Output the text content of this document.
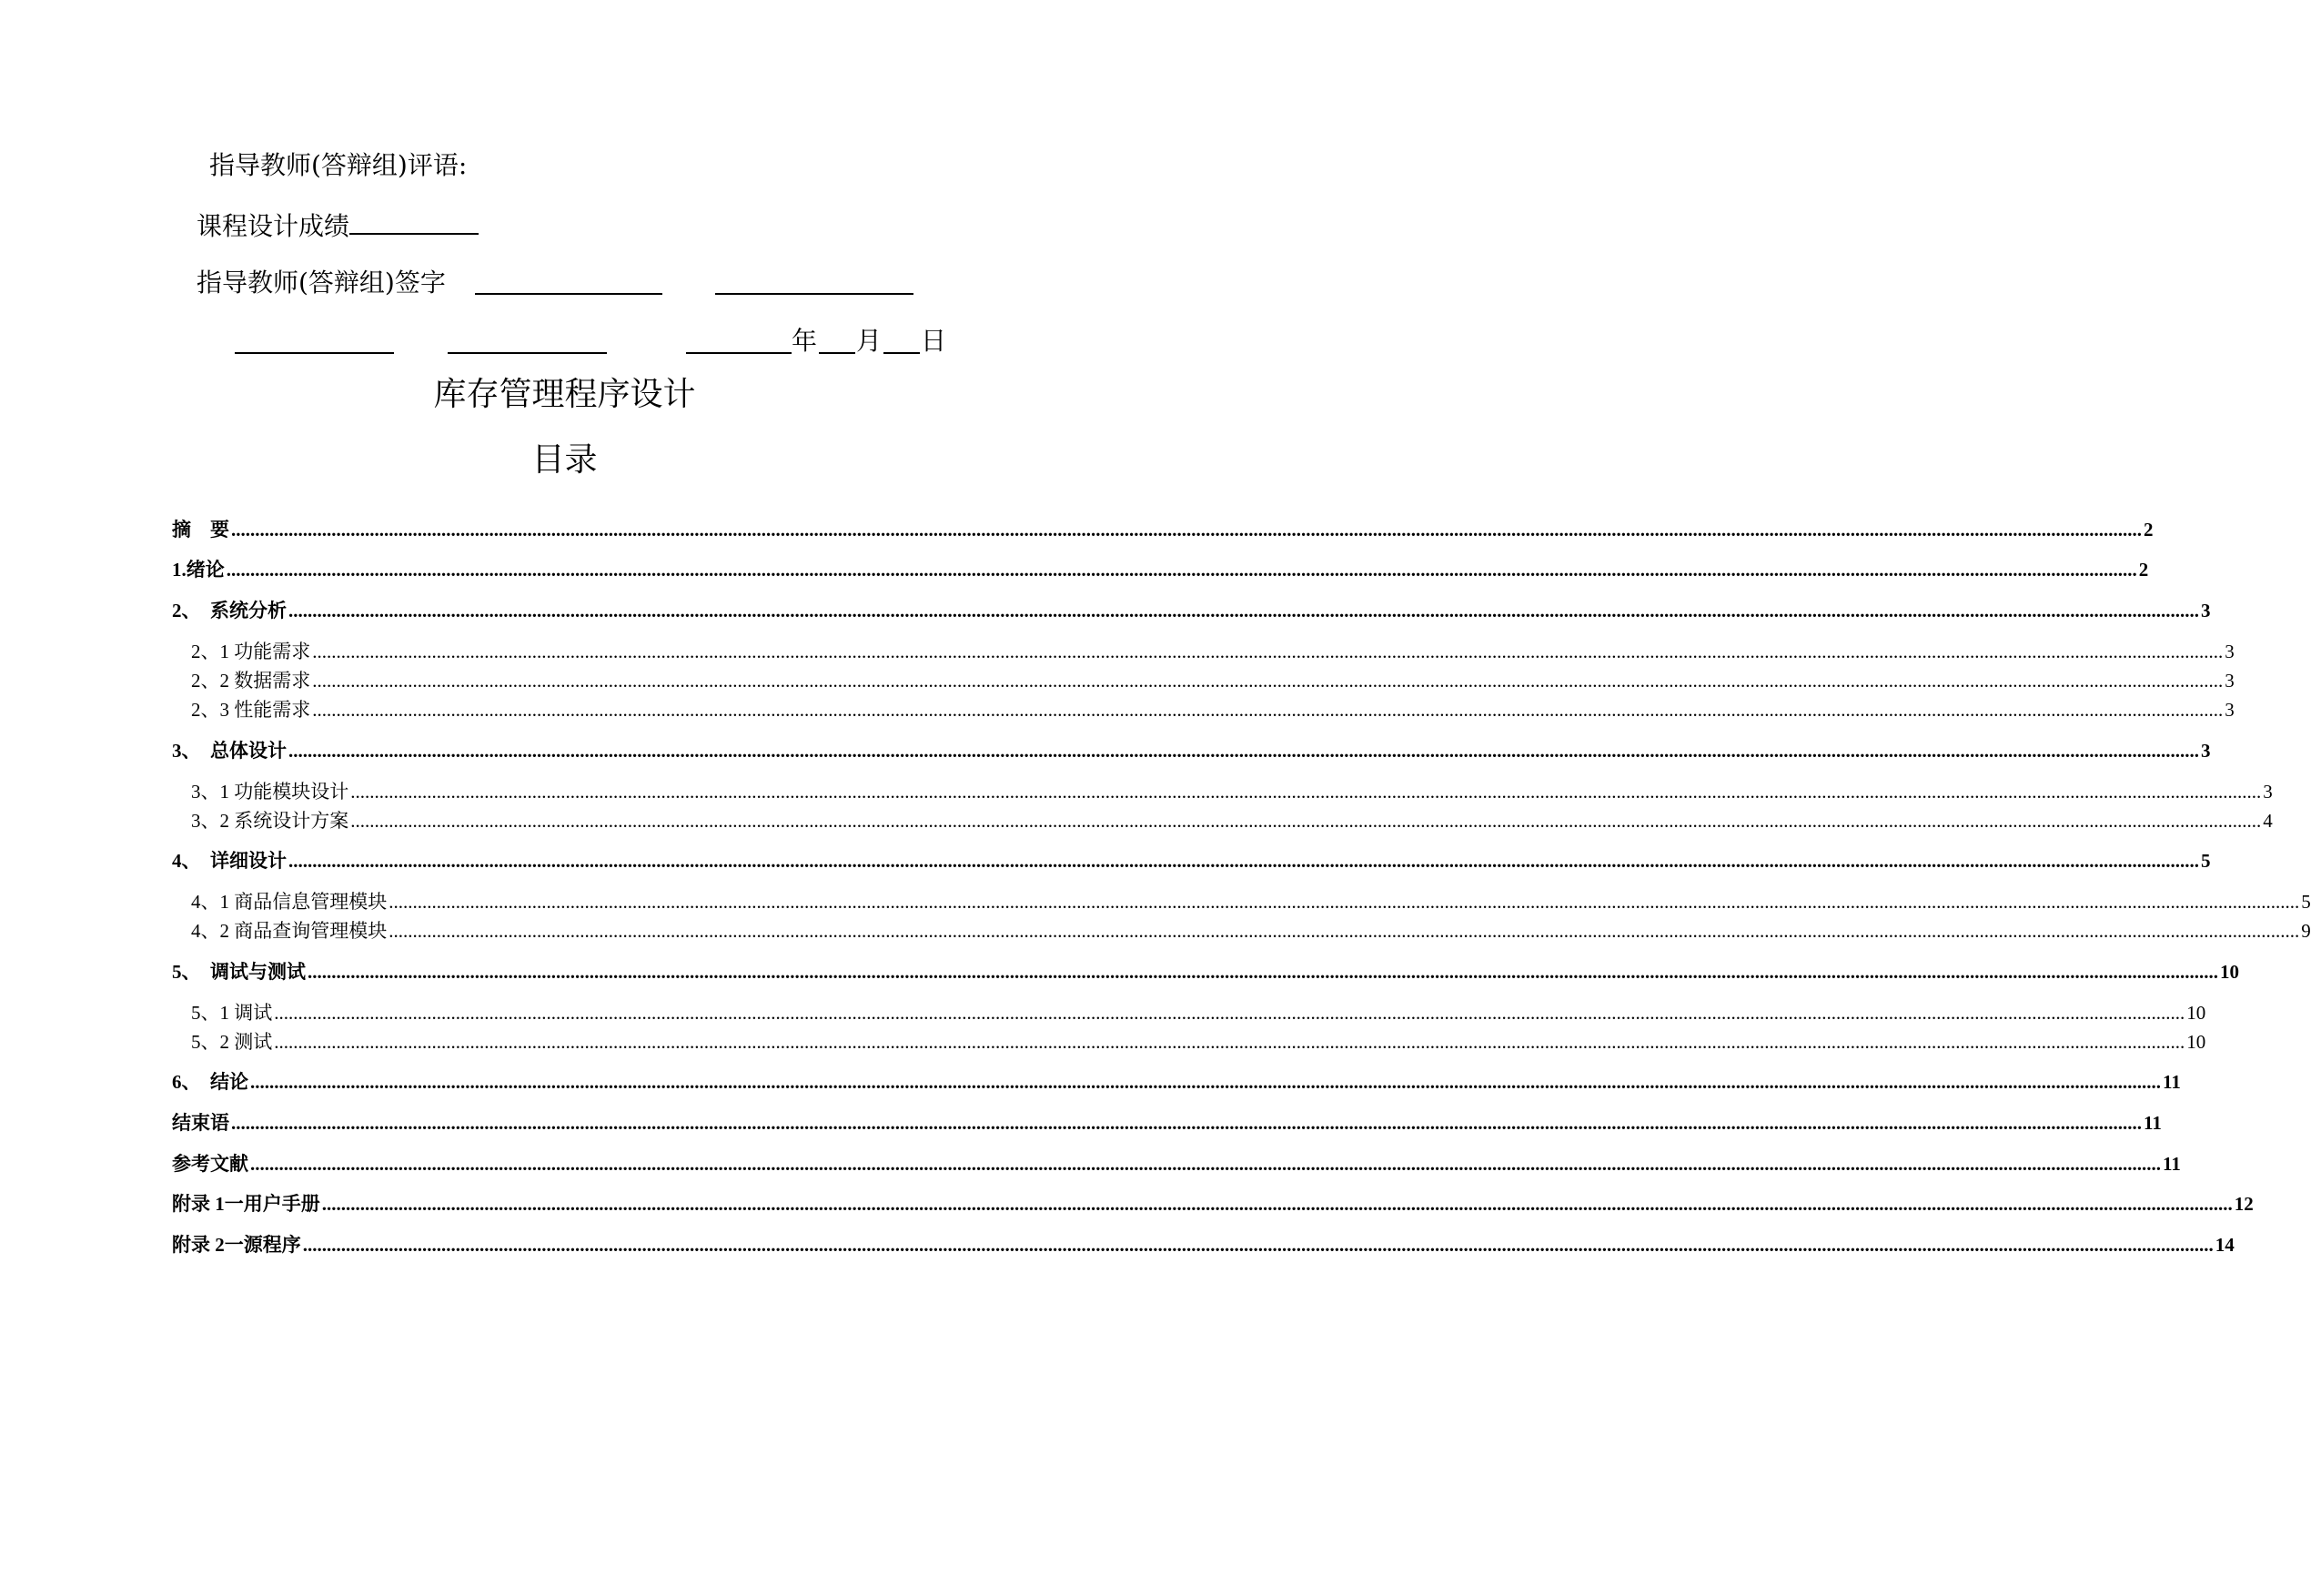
指导教师(答辩组)评语:
课程设计成绩
指导教师(答辩组)签字
年 月 日
库存管理程序设计
目录
摘　要 ................................................................................................................................................................................................................................................................................................................................................................................................................ 2
1.绪论 ................................................................................................................................................................................................................................................................................................................................................................................................................ 2
2、　系统分析 ................................................................................................................................................................................................................................................................................................................................................................................................................ 3
2、1 功能需求 ................................................................................................................................................................................................................................................................................................................................................................................................................ 3
2、2 数据需求 ................................................................................................................................................................................................................................................................................................................................................................................................................ 3
2、3 性能需求 ................................................................................................................................................................................................................................................................................................................................................................................................................ 3
3、　总体设计 ................................................................................................................................................................................................................................................................................................................................................................................................................ 3
3、1 功能模块设计 ................................................................................................................................................................................................................................................................................................................................................................................................................ 3
3、2 系统设计方案 ................................................................................................................................................................................................................................................................................................................................................................................................................ 4
4、　详细设计 ................................................................................................................................................................................................................................................................................................................................................................................................................ 5
4、1 商品信息管理模块 ................................................................................................................................................................................................................................................................................................................................................................................................................ 5
4、2 商品查询管理模块 ................................................................................................................................................................................................................................................................................................................................................................................................................ 9
5、　调试与测试 ................................................................................................................................................................................................................................................................................................................................................................................................................ 10
5、1 调试 ................................................................................................................................................................................................................................................................................................................................................................................................................ 10
5、2 测试 ................................................................................................................................................................................................................................................................................................................................................................................................................ 10
6、　结论 ................................................................................................................................................................................................................................................................................................................................................................................................................ 11
结束语 ................................................................................................................................................................................................................................................................................................................................................................................................................ 11
参考文献 ................................................................................................................................................................................................................................................................................................................................................................................................................ 11
附录 1一用户手册 ................................................................................................................................................................................................................................................................................................................................................................................................................ 12
附录 2一源程序 ................................................................................................................................................................................................................................................................................................................................................................................................................ 14
